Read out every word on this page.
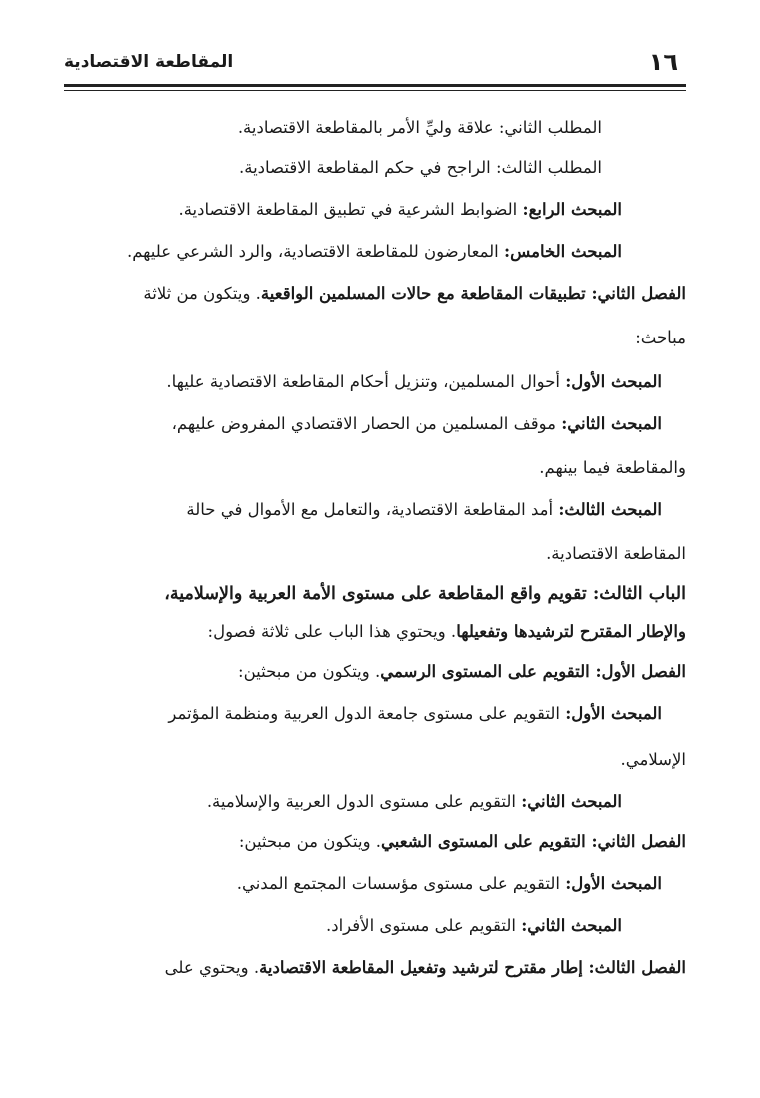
المقاطعة الاقتصادية	١٦

المطلب الثاني: علاقة وليِّ الأمر بالمقاطعة الاقتصادية.

المطلب الثالث: الراجح في حكم المقاطعة الاقتصادية.

المبحث الرابع: الضوابط الشرعية في تطبيق المقاطعة الاقتصادية.

المبحث الخامس: المعارضون للمقاطعة الاقتصادية، والرد الشرعي عليهم.

الفصل الثاني: تطبيقات المقاطعة مع حالات المسلمين الواقعية. ويتكون من ثلاثة

مباحث:

المبحث الأول: أحوال المسلمين، وتنزيل أحكام المقاطعة الاقتصادية عليها.

المبحث الثاني: موقف المسلمين من الحصار الاقتصادي المفروض عليهم،

والمقاطعة فيما بينهم.

المبحث الثالث: أمد المقاطعة الاقتصادية، والتعامل مع الأموال في حالة

المقاطعة الاقتصادية.

الباب الثالث: تقويم واقع المقاطعة على مستوى الأمة العربية والإسلامية،

والإطار المقترح لترشيدها وتفعيلها. ويحتوي هذا الباب على ثلاثة فصول:

الفصل الأول: التقويم على المستوى الرسمي. ويتكون من مبحثين:

المبحث الأول: التقويم على مستوى جامعة الدول العربية ومنظمة المؤتمر

الإسلامي.

المبحث الثاني: التقويم على مستوى الدول العربية والإسلامية.

الفصل الثاني: التقويم على المستوى الشعبي. ويتكون من مبحثين:

المبحث الأول: التقويم على مستوى مؤسسات المجتمع المدني.

المبحث الثاني: التقويم على مستوى الأفراد.

الفصل الثالث: إطار مقترح لترشيد وتفعيل المقاطعة الاقتصادية. ويحتوي على
